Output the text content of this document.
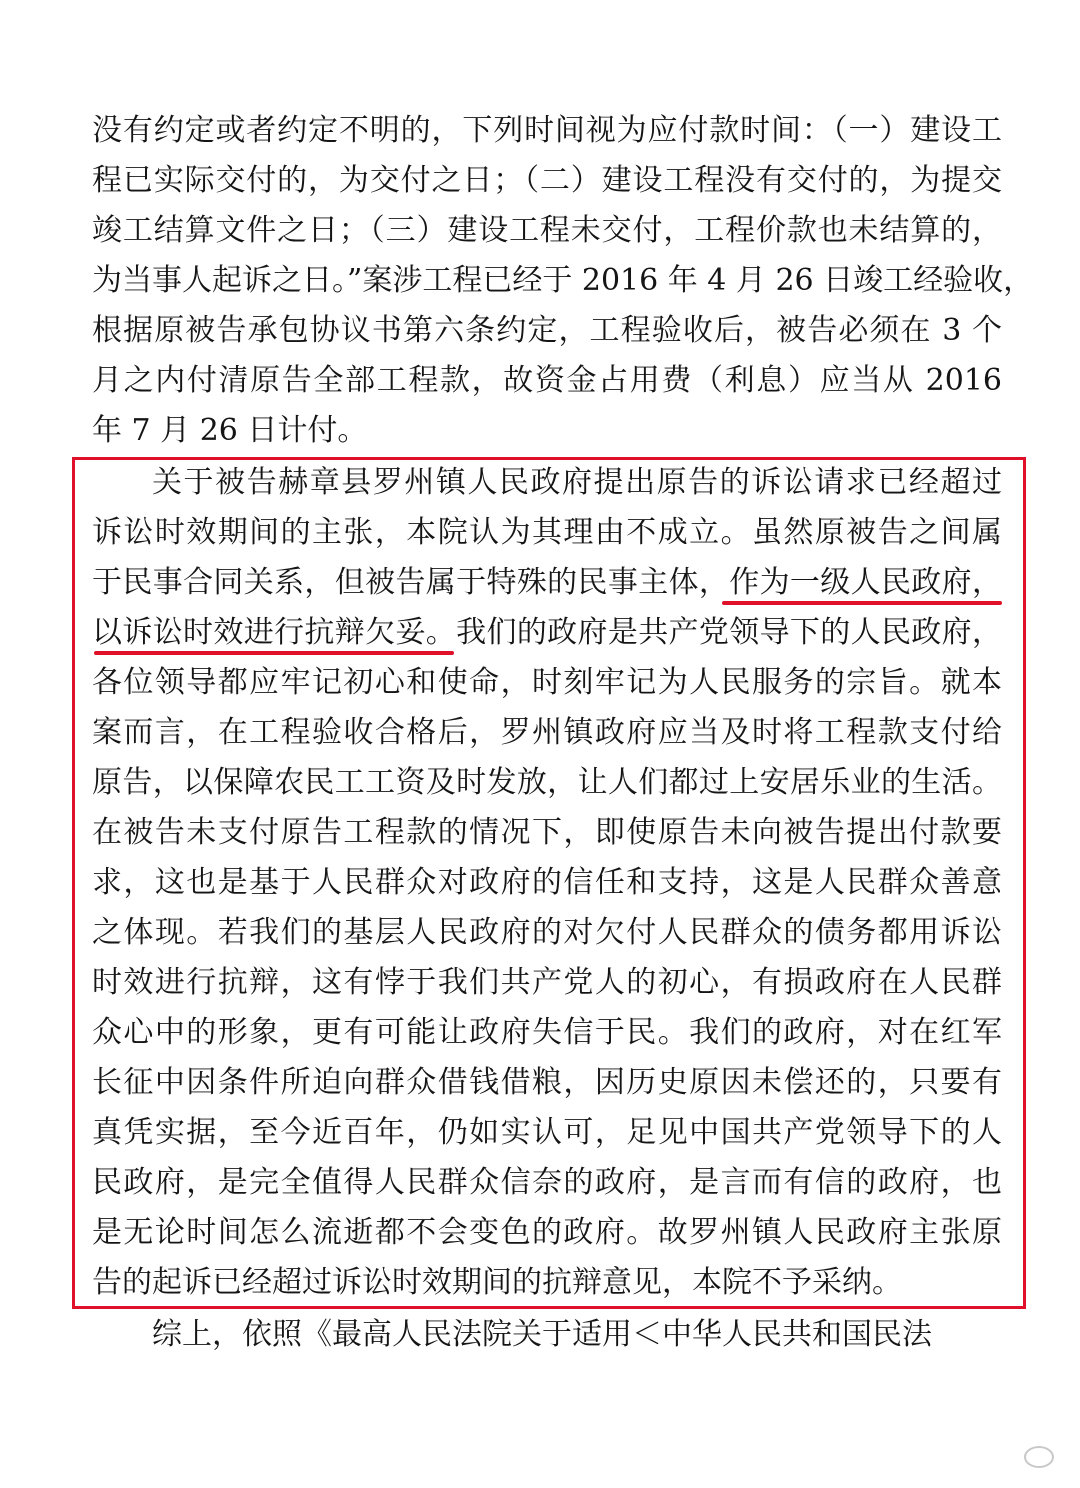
没有约定或者约定不明的，下列时间视为应付款时间：（一）建设工
程已实际交付的，为交付之日；（二）建设工程没有交付的，为提交
竣工结算文件之日；（三）建设工程未交付，工程价款也未结算的，
为当事人起诉之日。”案涉工程已经于 2016 年 4 月 26 日竣工经验收，
根据原被告承包协议书第六条约定，工程验收后，被告必须在 3 个
月之内付清原告全部工程款，故资金占用费（利息）应当从 2016
年 7 月 26 日计付。
关于被告赫章县罗州镇人民政府提出原告的诉讼请求已经超过
诉讼时效期间的主张，本院认为其理由不成立。虽然原被告之间属
于民事合同关系，但被告属于特殊的民事主体，作为一级人民政府，
以诉讼时效进行抗辩欠妥。我们的政府是共产党领导下的人民政府，
各位领导都应牢记初心和使命，时刻牢记为人民服务的宗旨。就本
案而言，在工程验收合格后，罗州镇政府应当及时将工程款支付给
原告，以保障农民工工资及时发放，让人们都过上安居乐业的生活。
在被告未支付原告工程款的情况下，即使原告未向被告提出付款要
求，这也是基于人民群众对政府的信任和支持，这是人民群众善意
之体现。若我们的基层人民政府的对欠付人民群众的债务都用诉讼
时效进行抗辩，这有悖于我们共产党人的初心，有损政府在人民群
众心中的形象，更有可能让政府失信于民。我们的政府，对在红军
长征中因条件所迫向群众借钱借粮，因历史原因未偿还的，只要有
真凭实据，至今近百年，仍如实认可，足见中国共产党领导下的人
民政府，是完全值得人民群众信奈的政府，是言而有信的政府，也
是无论时间怎么流逝都不会变色的政府。故罗州镇人民政府主张原
告的起诉已经超过诉讼时效期间的抗辩意见，本院不予采纳。
综上，依照《最高人民法院关于适用＜中华人民共和国民法
